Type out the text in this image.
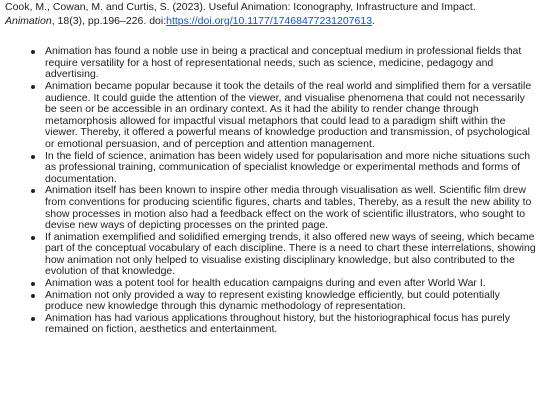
Cook, M., Cowan, M. and Curtis, S. (2023). Useful Animation: Iconography, Infrastructure and Impact.
Animation, 18(3), pp.196–226. doi:https://doi.org/10.1177/17468477231207613.

Animation has found a noble use in being a practical and conceptual medium in professional fields that require versatility for a host of representational needs, such as science, medicine, pedagogy and advertising.
Animation became popular because it took the details of the real world and simplified them for a versatile audience. It could guide the attention of the viewer, and visualise phenomena that could not necessarily be seen or be accessible in an ordinary context. As it had the ability to render change through metamorphosis allowed for impactful visual metaphors that could lead to a paradigm shift within the viewer. Thereby, it offered a powerful means of knowledge production and transmission, of psychological or emotional persuasion, and of perception and attention management.
In the field of science, animation has been widely used for popularisation and more niche situations such as professional training, communication of specialist knowledge or experimental methods and forms of documentation.
Animation itself has been known to inspire other media through visualisation as well. Scientific film drew from conventions for producing scientific figures, charts and tables, Thereby, as a result the new ability to show processes in motion also had a feedback effect on the work of scientific illustrators, who sought to devise new ways of depicting processes on the printed page.
If animation exemplified and solidified emerging trends, it also offered new ways of seeing, which became part of the conceptual vocabulary of each discipline. There is a need to chart these interrelations, showing how animation not only helped to visualise existing disciplinary knowledge, but also contributed to the evolution of that knowledge.
Animation was a potent tool for health education campaigns during and even after World War I.
Animation not only provided a way to represent existing knowledge efficiently, but could potentially produce new knowledge through this dynamic methodology of representation.
Animation has had various applications throughout history, but the historiographical focus has purely remained on fiction, aesthetics and entertainment.
